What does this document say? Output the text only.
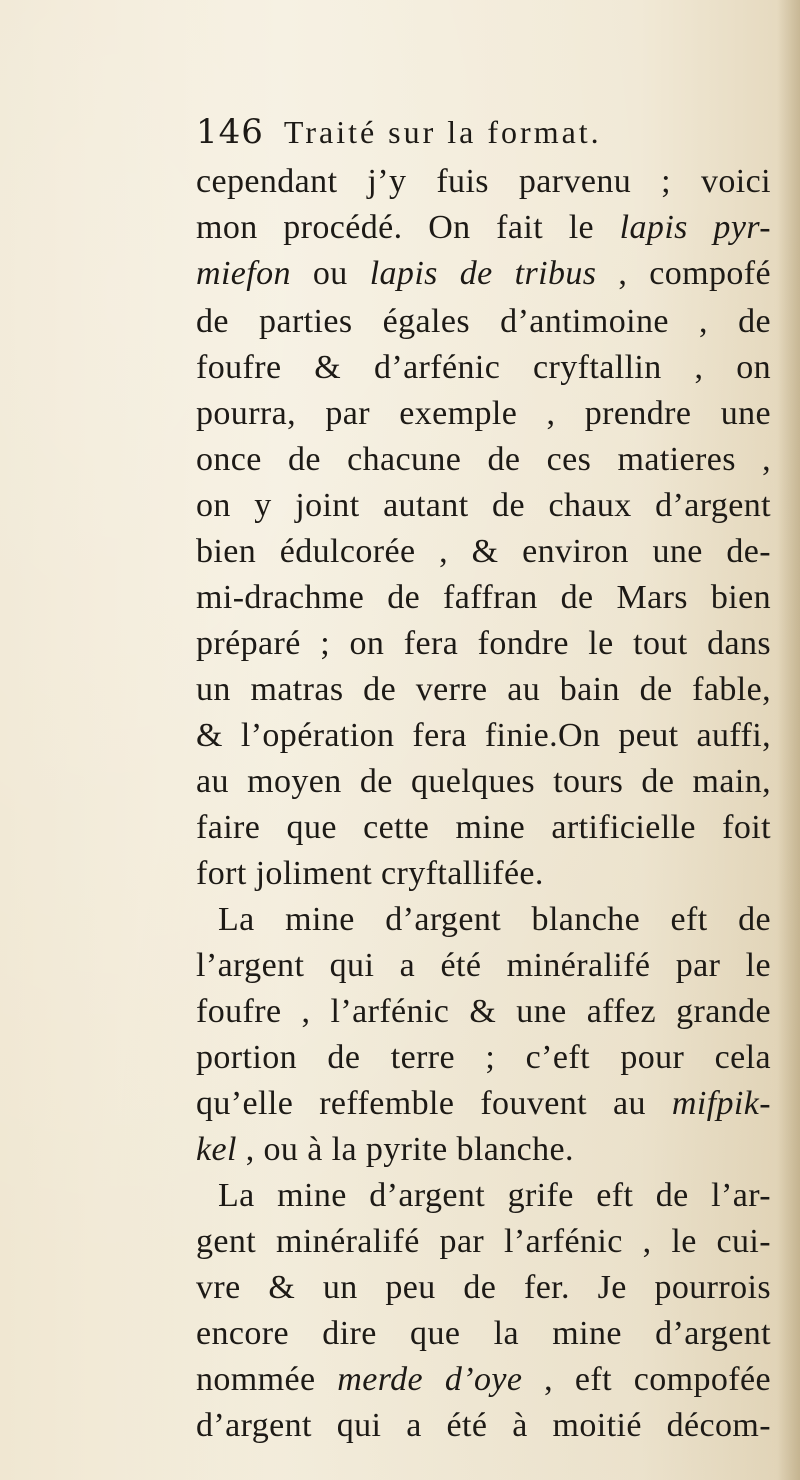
146 Traité sur la format.
cependant j’y fuis parvenu ; voici
mon procédé. On fait le lapis pyr-
miefon ou lapis de tribus , compofé
de parties égales d’antimoine , de
foufre & d’arfénic cryftallin , on
pourra, par exemple , prendre une
once de chacune de ces matieres ,
on y joint autant de chaux d’argent
bien édulcorée , & environ une de-
mi-drachme de faffran de Mars bien
préparé ; on fera fondre le tout dans
un matras de verre au bain de fable,
& l’opération fera finie.On peut auffi,
au moyen de quelques tours de main,
faire que cette mine artificielle foit
fort joliment cryftallifée.
La mine d’argent blanche eft de
l’argent qui a été minéralifé par le
foufre , l’arfénic & une affez grande
portion de terre ; c’eft pour cela
qu’elle reffemble fouvent au mifpik-
kel , ou à la pyrite blanche.
La mine d’argent grife eft de l’ar-
gent minéralifé par l’arfénic , le cui-
vre & un peu de fer. Je pourrois
encore dire que la mine d’argent
nommée merde d’oye , eft compofée
d’argent qui a été à moitié décom-
